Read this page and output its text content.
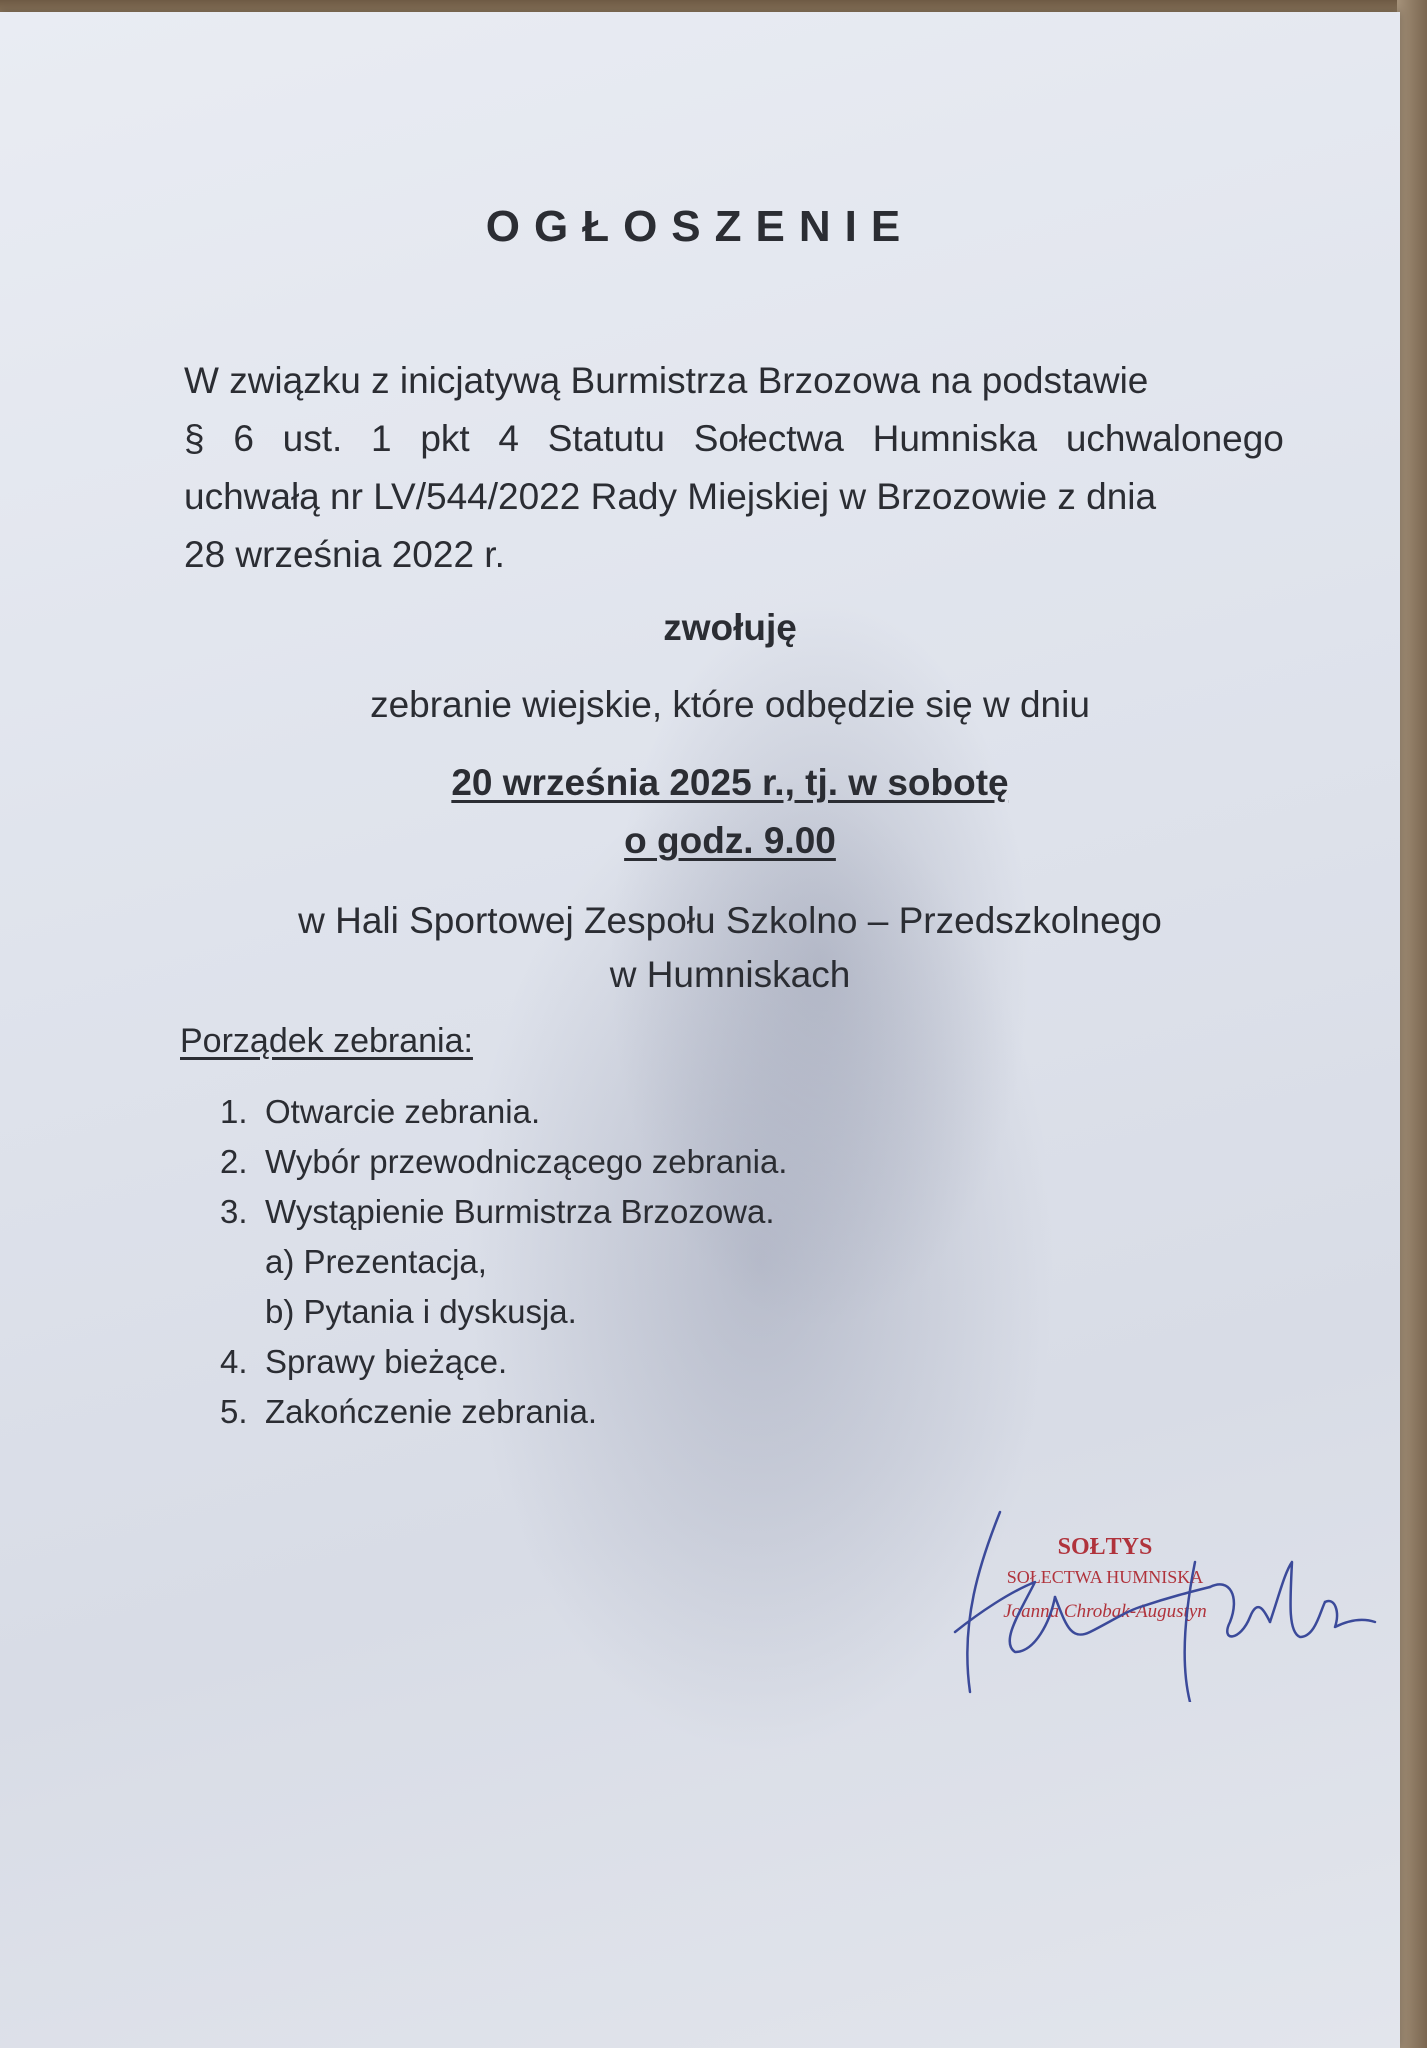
OGŁOSZENIE
W związku z inicjatywą Burmistrza Brzozowa na podstawie
§ 6 ust. 1 pkt 4 Statutu Sołectwa Humniska uchwalonego
uchwałą nr LV/544/2022 Rady Miejskiej w Brzozowie z dnia
28 września 2022 r.
zwołuję
zebranie wiejskie, które odbędzie się w dniu
20 września 2025 r., tj. w sobotę
o godz. 9.00
w Hali Sportowej Zespołu Szkolno – Przedszkolnego
w Humniskach
Porządek zebrania:
1. Otwarcie zebrania.
2. Wybór przewodniczącego zebrania.
3. Wystąpienie Burmistrza Brzozowa.
a) Prezentacja,
b) Pytania i dyskusja.
4. Sprawy bieżące.
5. Zakończenie zebrania.
SOŁTYS
SOŁECTWA HUMNISKA
Joanna Chrobak-Augustyn
